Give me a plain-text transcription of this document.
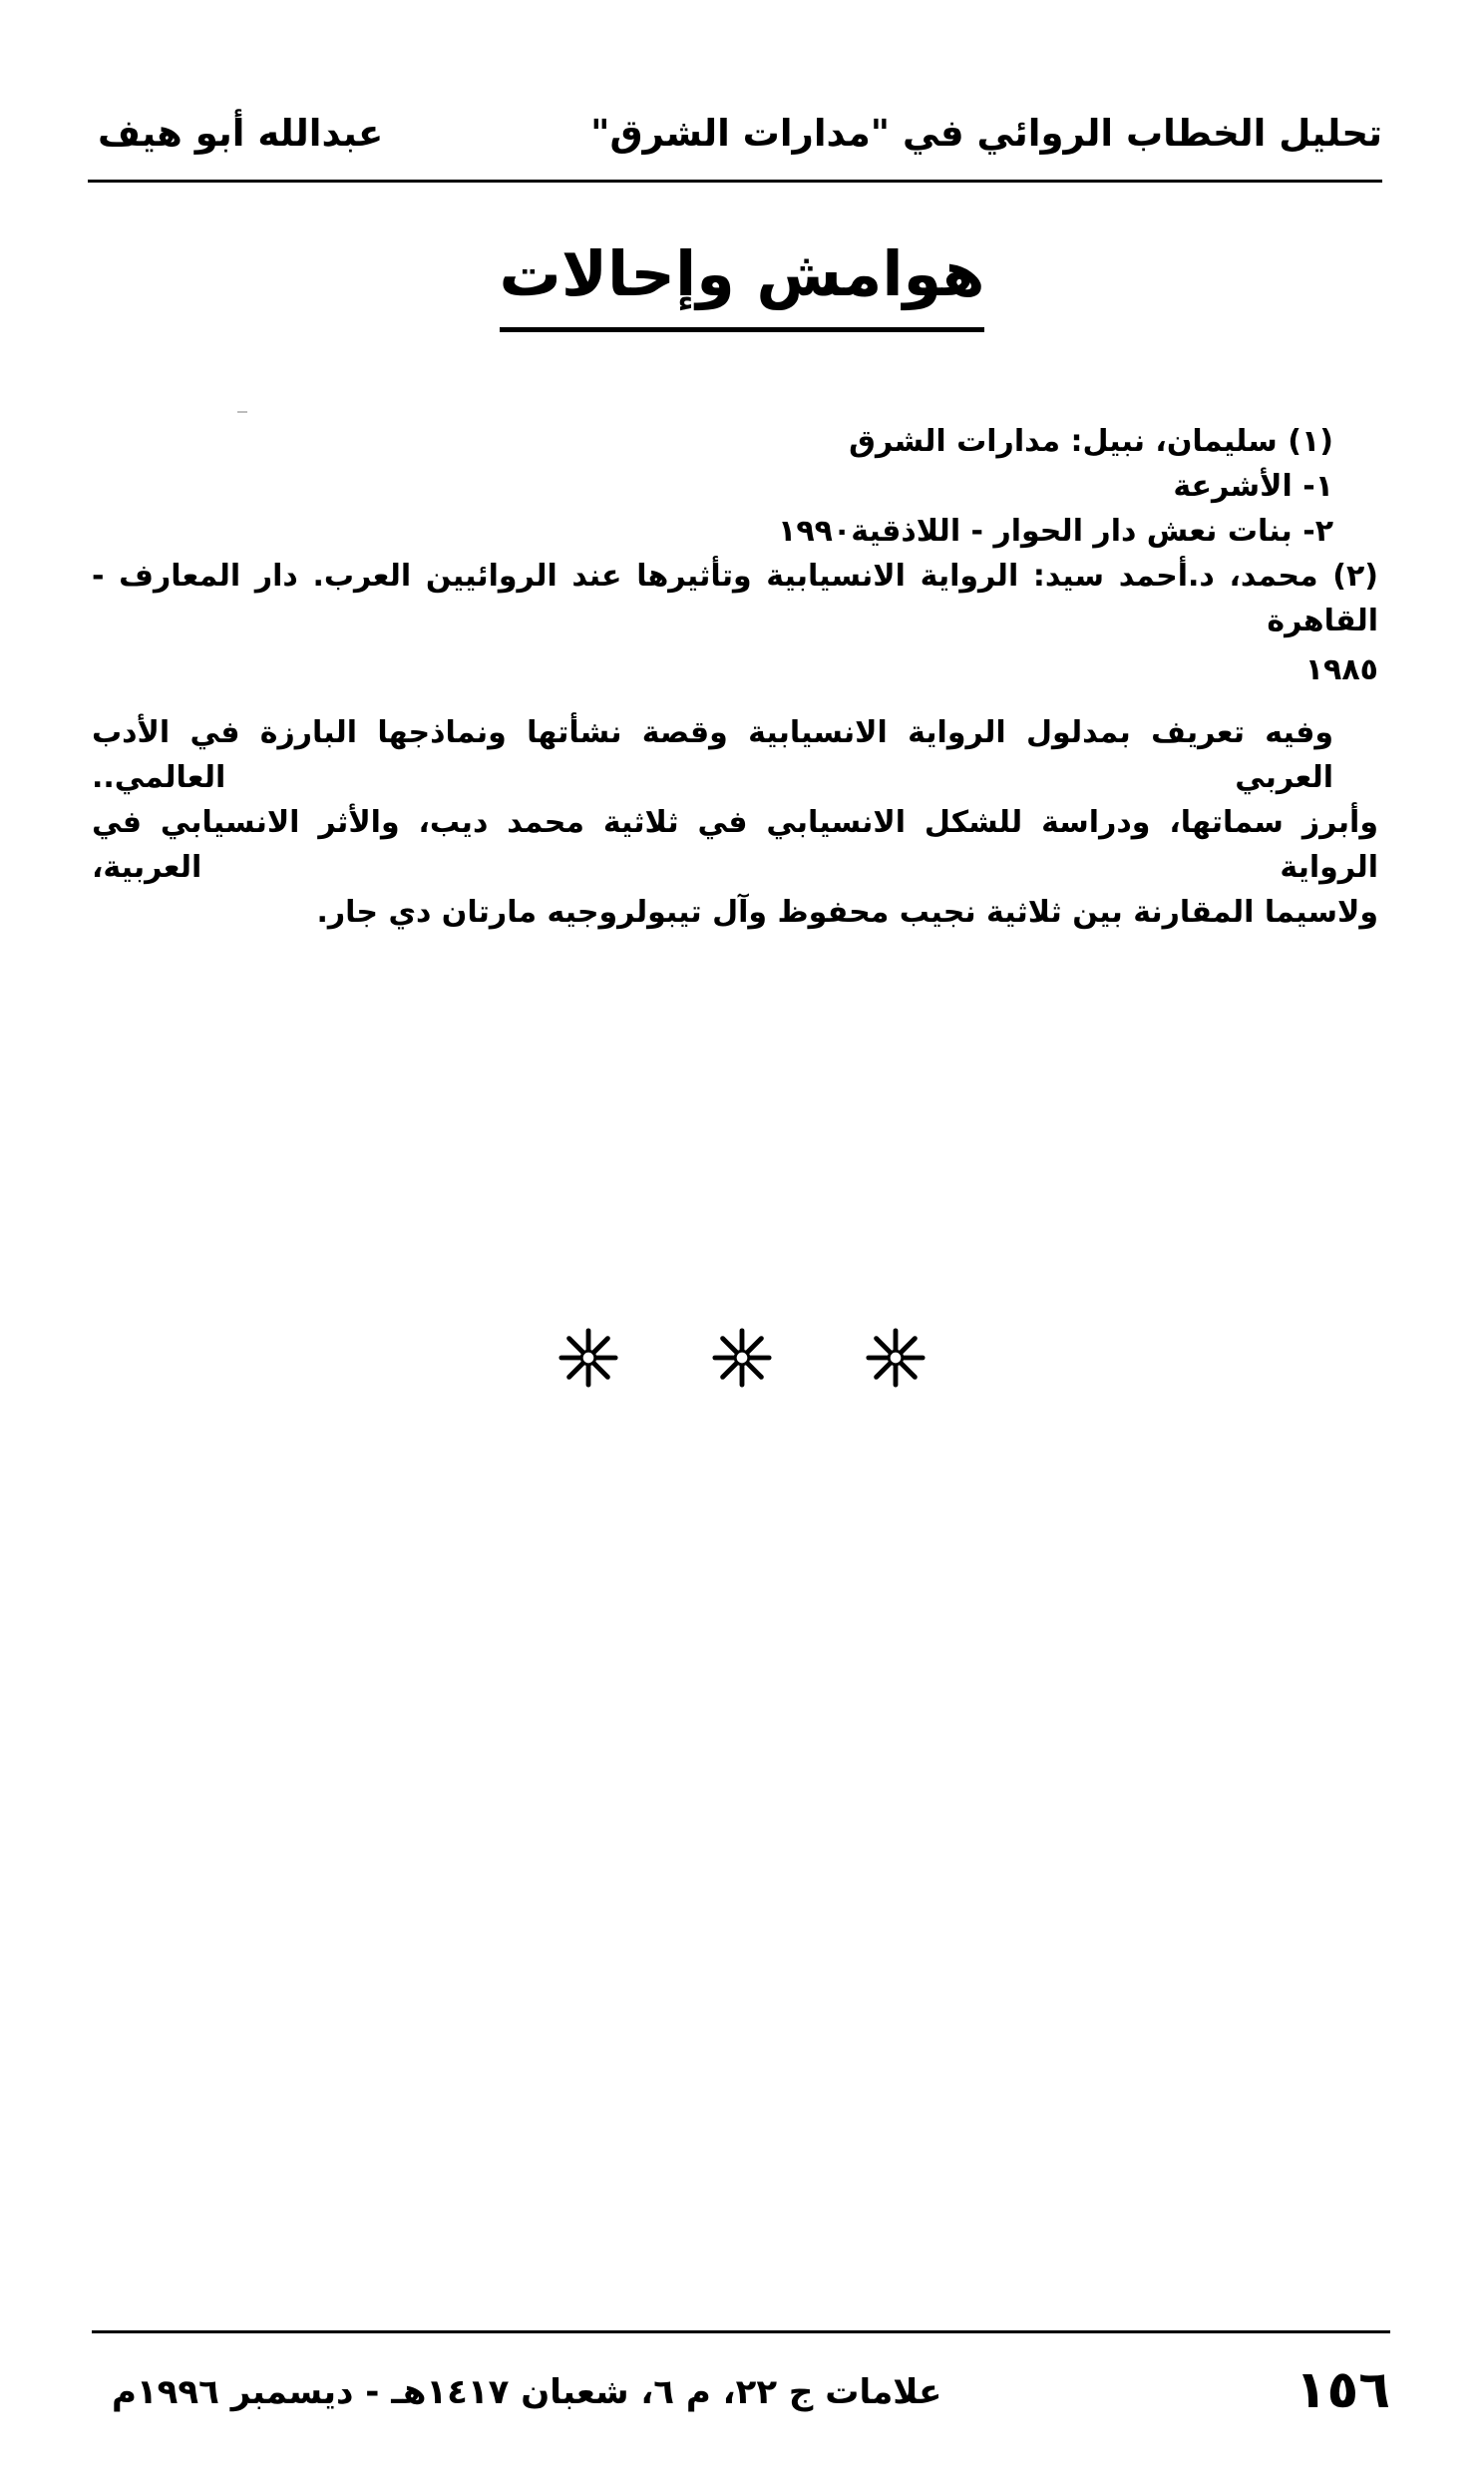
تحليل الخطاب الروائي في "مدارات الشرق"
عبدالله أبو هيف
هوامش وإحالات
(١) سليمان، نبيل: مدارات الشرق
١- الأشرعة
٢- بنات نعش دار الحوار - اللاذقية١٩٩٠
(٢) محمد، د.أحمد سيد: الرواية الانسيابية وتأثيرها عند الروائيين العرب. دار المعارف - القاهرة
١٩٨٥
وفيه تعريف بمدلول الرواية الانسيابية وقصة نشأتها ونماذجها البارزة في الأدب العربي العالمي..
وأبرز سماتها، ودراسة للشكل الانسيابي في ثلاثية محمد ديب، والأثر الانسيابي في الرواية العربية،
ولاسيما المقارنة بين ثلاثية نجيب محفوظ وآل تيبولروجيه مارتان دي جار.
١٥٦
علامات ج ٢٢، م ٦، شعبان ١٤١٧هـ - ديسمبر ١٩٩٦م
